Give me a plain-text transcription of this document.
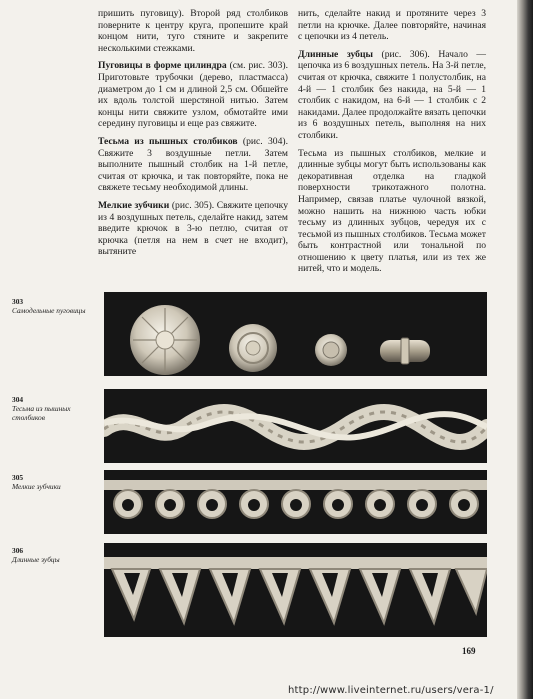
пришить пуговицу). Второй ряд столбиков поверните к центру круга, пропешите край концом нити, туго стяните и закрепите несколькими стежками.

Пуговицы в форме цилиндра (см. рис. 303). Приготовьте трубочки (дерево, пластмасса) диаметром до 1 см и длиной 2,5 см. Обшейте их вдоль толстой шерстяной нитью. Затем концы нити свяжите узлом, обмотайте ими середину пуговицы и еще раз свяжите.

Тесьма из пышных столбиков (рис. 304). Свяжите 3 воздушные петли. Затем выполните пышный столбик на 1-й петле, считая от крючка, и так повторяйте, пока не свяжете тесьму необходимой длины.

Мелкие зубчики (рис. 305). Свяжите цепочку из 4 воздушных петель, сделайте накид, затем введите крючок в 3-ю петлю, считая от крючка (петля на нем в счет не входит), вытяните

нить, сделайте накид и протяните через 3 петли на крючке. Далее повторяйте, начиная с цепочки из 4 петель.

Длинные зубцы (рис. 306). Начало — цепочка из 6 воздушных петель. На 3-й петле, считая от крючка, свяжите 1 полустолбик, на 4-й — 1 столбик без накида, на 5-й — 1 столбик с накидом, на 6-й — 1 столбик с 2 накидами. Далее продолжайте вязать цепочки из 6 воздушных петель, выполняя на них столбики.

Тесьма из пышных столбиков, мелкие и длинные зубцы могут быть использованы как декоративная отделка на гладкой поверхности трикотажного полотна. Например, связав платье чулочной вязкой, можно нашить на нижнюю часть юбки тесьму из длинных зубцов, чередуя их с тесьмой из пышных столбиков. Тесьма может быть контрастной или тональной по отношению к цвету платья, или из тех же нитей, что и модель.

303
Самодельные пуговицы
304
Тесьма из пышных столбиков
305
Мелкие зубчики
306
Длинные зубцы
169
http://www.liveinternet.ru/users/vera-1/
